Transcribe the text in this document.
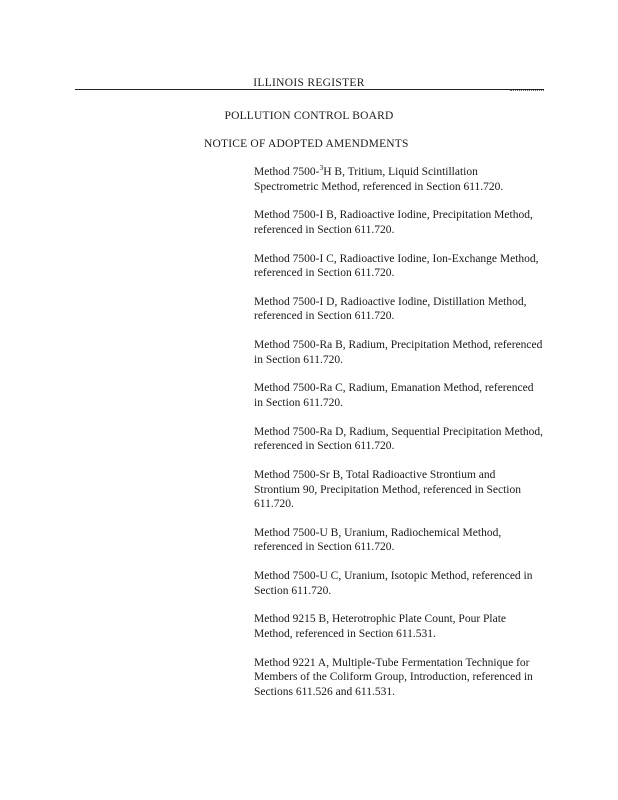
ILLINOIS REGISTER
POLLUTION CONTROL BOARD
NOTICE OF ADOPTED AMENDMENTS
Method 7500-$^3$H B, Tritium, Liquid Scintillation Spectrometric Method, referenced in Section 611.720.
Method 7500-I B, Radioactive Iodine, Precipitation Method, referenced in Section 611.720.
Method 7500-I C, Radioactive Iodine, Ion-Exchange Method, referenced in Section 611.720.
Method 7500-I D, Radioactive Iodine, Distillation Method, referenced in Section 611.720.
Method 7500-Ra B, Radium, Precipitation Method, referenced in Section 611.720.
Method 7500-Ra C, Radium, Emanation Method, referenced in Section 611.720.
Method 7500-Ra D, Radium, Sequential Precipitation Method, referenced in Section 611.720.
Method 7500-Sr B, Total Radioactive Strontium and Strontium 90, Precipitation Method, referenced in Section 611.720.
Method 7500-U B, Uranium, Radiochemical Method, referenced in Section 611.720.
Method 7500-U C, Uranium, Isotopic Method, referenced in Section 611.720.
Method 9215 B, Heterotrophic Plate Count, Pour Plate Method, referenced in Section 611.531.
Method 9221 A, Multiple-Tube Fermentation Technique for Members of the Coliform Group, Introduction, referenced in Sections 611.526 and 611.531.
